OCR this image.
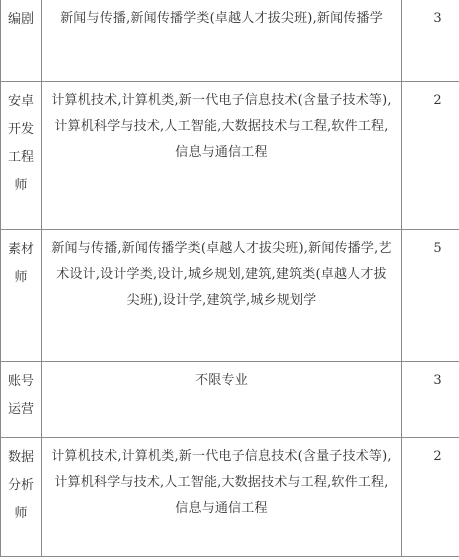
编剧	新闻与传播,新闻传播学类(卓越人才拔尖班),新闻传播学	3

安卓开发工程师	计算机技术,计算机类,新一代电子信息技术(含量子技术等),计算机科学与技术,人工智能,大数据技术与工程,软件工程,信息与通信工程	2

素材师	新闻与传播,新闻传播学类(卓越人才拔尖班),新闻传播学,艺术设计,设计学类,设计,城乡规划,建筑,建筑类(卓越人才拔尖班),设计学,建筑学,城乡规划学	5

账号运营	不限专业	3

数据分析师	计算机技术,计算机类,新一代电子信息技术(含量子技术等),计算机科学与技术,人工智能,大数据技术与工程,软件工程,信息与通信工程	2
